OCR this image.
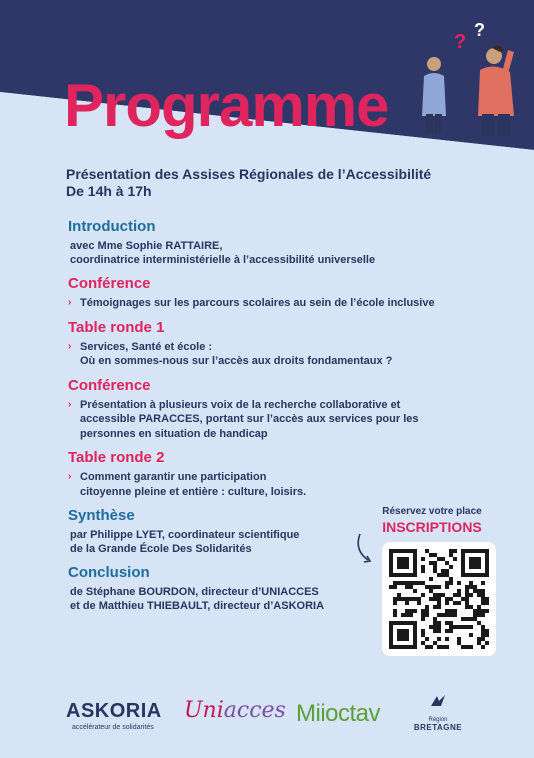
?
?
Programme
Présentation des Assises Régionales de l’Accessibilité
De 14h à 17h
Introduction

avec Mme Sophie RATTAIRE,

coordinatrice interministérielle à l’accessibilité universelle

Conférence
› Témoignages sur les parcours scolaires au sein de l’école inclusive
Table ronde 1
› Services, Santé et école :
Où en sommes-nous sur l’accès aux droits fondamentaux ?
Conférence
› Présentation à plusieurs voix de la recherche collaborative et
accessible PARACCES, portant sur l’accès aux services pour les
personnes en situation de handicap
Table ronde 2
› Comment garantir une participation
citoyenne pleine et entière : culture, loisirs.
Synthèse

par Philippe LYET, coordinateur scientifique

de la Grande École Des Solidarités

Conclusion

de Stéphane BOURDON, directeur d’UNIACCES

et de Matthieu THIEBAULT, directeur d’ASKORIA

Réservez votre place
INSCRIPTIONS
ASKORIA
accélérateur de solidarités
Uniacces Miioctav	Région
BRETAGNE
